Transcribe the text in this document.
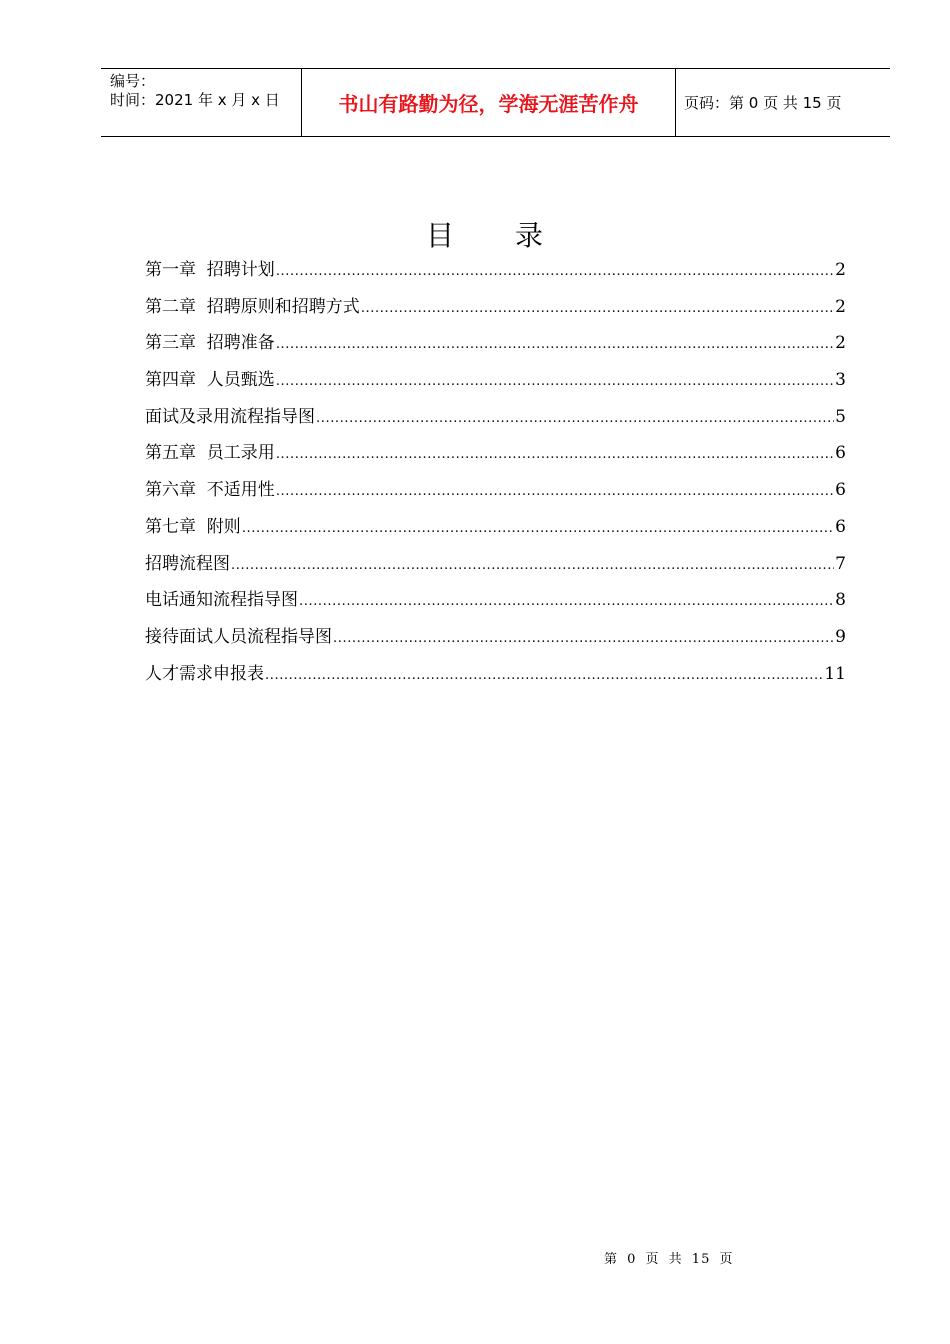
编号：
时间：2021 年 x 月 x 日	书山有路勤为径，学海无涯苦作舟	页码：第 0 页 共 15 页
目 录
第一章  招聘计划 .....	2
第二章  招聘原则和招聘方式 .....	2
第三章  招聘准备 .....	2
第四章  人员甄选 .....	3
面试及录用流程指导图 .....	5
第五章  员工录用 .....	6
第六章  不适用性 .....	6
第七章  附则 .....	6
招聘流程图 .....	7
电话通知流程指导图 .....	8
接待面试人员流程指导图 .....	9
人才需求申报表 .....	11
第 0 页 共 15 页
